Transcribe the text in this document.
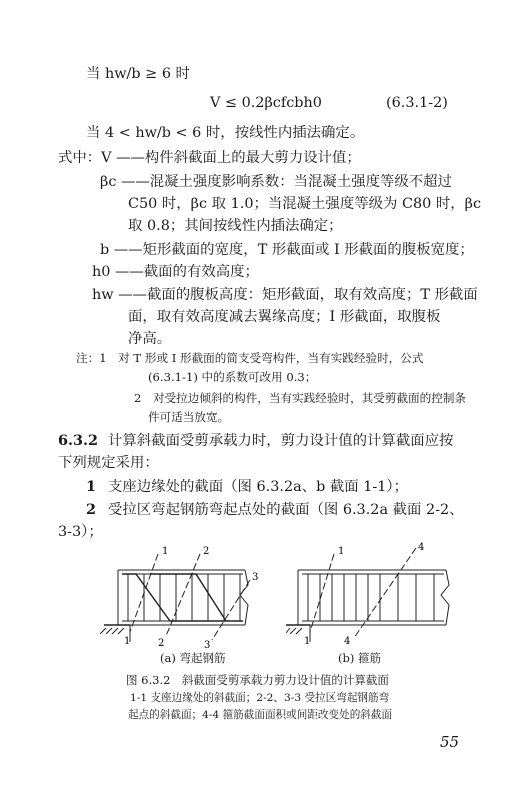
当 hw/b ≥ 6 时
V ≤ 0.2βcfcbh0	(6.3.1-2)
当 4 < hw/b < 6 时，按线性内插法确定。
式中：V ——构件斜截面上的最大剪力设计值；
βc ——混凝土强度影响系数：当混凝土强度等级不超过
C50 时，βc 取 1.0；当混凝土强度等级为 C80 时，βc
取 0.8；其间按线性内插法确定；
b ——矩形截面的宽度，T 形截面或 I 形截面的腹板宽度；
h0 ——截面的有效高度；
hw ——截面的腹板高度：矩形截面，取有效高度；T 形截面
面，取有效高度减去翼缘高度；I 形截面，取腹板
净高。
注：1　对 T 形或 I 形截面的简支受弯构件，当有实践经验时，公式
(6.3.1-1) 中的系数可改用 0.3；
2　对受拉边倾斜的构件，当有实践经验时，其受剪截面的控制条
件可适当放宽。
6.3.2 计算斜截面受剪承载力时，剪力设计值的计算截面应按
下列规定采用：
1 支座边缘处的截面（图 6.3.2a、b 截面 1-1）；
2 受拉区弯起钢筋弯起点处的截面（图 6.3.2a 截面 2-2、
3-3）；
1	2
3
1	2	3
1	4
1	4
(a) 弯起钢筋	(b) 箍筋
图 6.3.2　斜截面受剪承载力剪力设计值的计算截面
1-1 支座边缘处的斜截面；2-2、3-3 受拉区弯起钢筋弯
起点的斜截面；4-4 箍筋截面面积或间距改变处的斜截面
55
